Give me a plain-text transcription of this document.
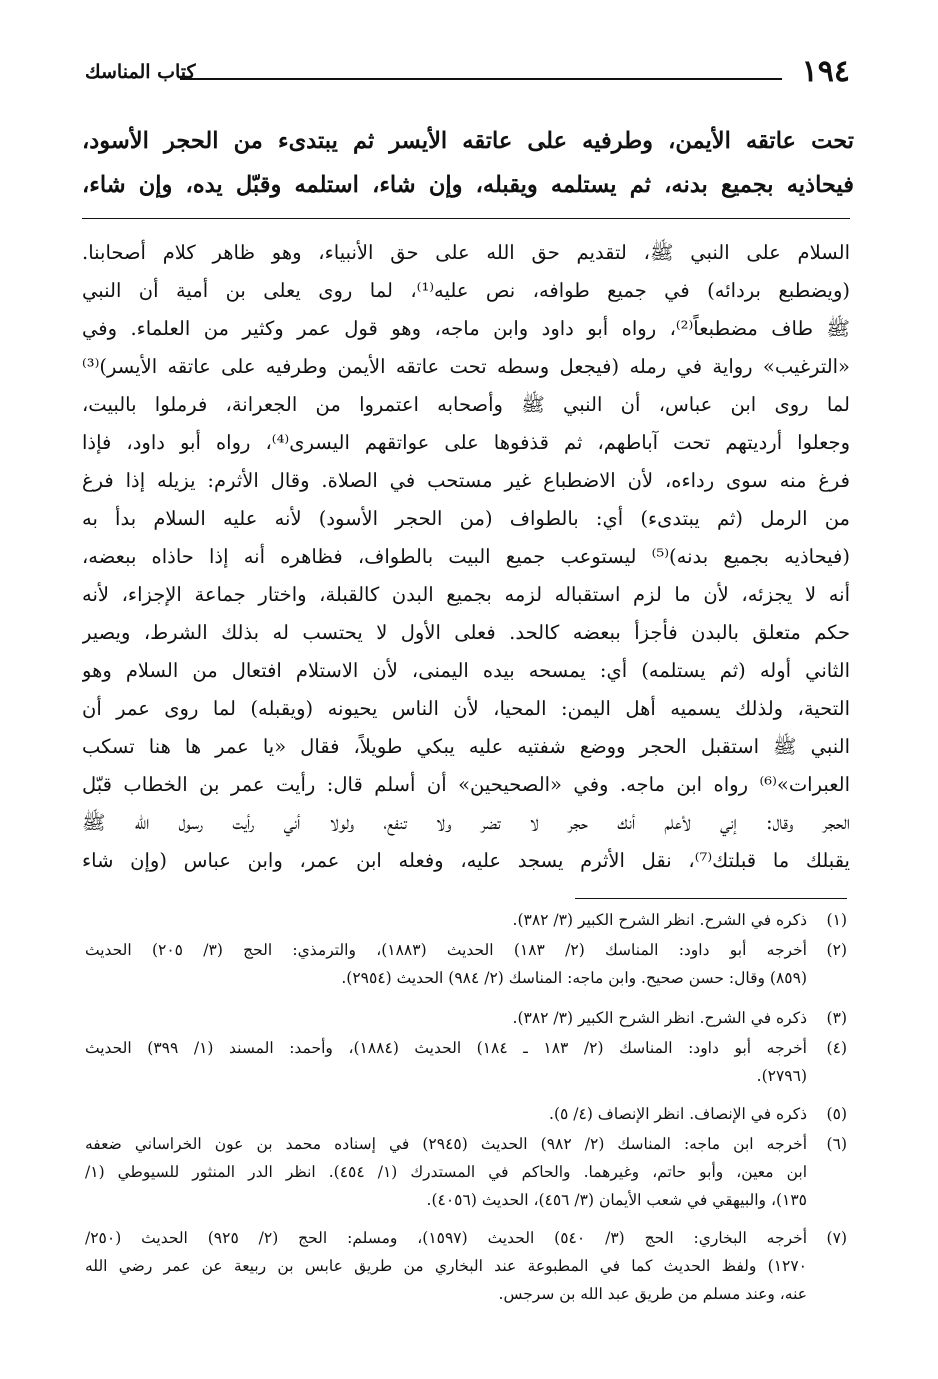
١٩٤
كتاب المناسك
تحت عاتقه الأيمن، وطرفيه على عاتقه الأيسر ثم يبتدىء من الحجر الأسود،
فيحاذيه بجميع بدنه، ثم يستلمه ويقبله، وإن شاء، استلمه وقبّل يده، وإن شاء،
السلام على النبي ﷺ، لتقديم حق الله على حق الأنبياء، وهو ظاهر كلام أصحابنا.
(ويضطبع بردائه) في جميع طوافه، نص عليه⁽¹⁾، لما روى يعلى بن أمية أن النبي
ﷺ طاف مضطبعاً⁽²⁾، رواه أبو داود وابن ماجه، وهو قول عمر وكثير من العلماء. وفي
«الترغيب» رواية في رمله (فيجعل وسطه تحت عاتقه الأيمن وطرفيه على عاتقه الأيسر)⁽³⁾
لما روى ابن عباس، أن النبي ﷺ وأصحابه اعتمروا من الجعرانة، فرملوا بالبيت،
وجعلوا أرديتهم تحت آباطهم، ثم قذفوها على عواتقهم اليسرى⁽⁴⁾، رواه أبو داود، فإذا
فرغ منه سوى رداءه، لأن الاضطباع غير مستحب في الصلاة. وقال الأثرم: يزيله إذا فرغ
من الرمل (ثم يبتدىء) أي: بالطواف (من الحجر الأسود) لأنه عليه السلام بدأ به
(فيحاذيه بجميع بدنه)⁽⁵⁾ ليستوعب جميع البيت بالطواف، فظاهره أنه إذا حاذاه ببعضه،
أنه لا يجزئه، لأن ما لزم استقباله لزمه بجميع البدن كالقبلة، واختار جماعة الإجزاء، لأنه
حكم متعلق بالبدن فأجزأ ببعضه كالحد. فعلى الأول لا يحتسب له بذلك الشرط، ويصير
الثاني أوله (ثم يستلمه) أي: يمسحه بيده اليمنى، لأن الاستلام افتعال من السلام وهو
التحية، ولذلك يسميه أهل اليمن: المحيا، لأن الناس يحيونه (ويقبله) لما روى عمر أن
النبي ﷺ استقبل الحجر ووضع شفتيه عليه يبكي طويلاً، فقال «يا عمر ها هنا تسكب
العبرات»⁽⁶⁾ رواه ابن ماجه. وفي «الصحيحين» أن أسلم قال: رأيت عمر بن الخطاب قبّل
الحجر وقال: إني لأعلم أنك حجر لا تضر ولا تنفع، ولولا أني رأيت رسول الله ﷺ
يقبلك ما قبلتك⁽⁷⁾، نقل الأثرم يسجد عليه، وفعله ابن عمر، وابن عباس (وإن شاء
(١)ذكره في الشرح. انظر الشرح الكبير (٣/ ٣٨٢).
(٢)أخرجه أبو داود: المناسك (٢/ ١٨٣) الحديث (١٨٨٣)، والترمذي: الحج (٣/ ٢٠٥) الحديث
(٨٥٩) وقال: حسن صحيح. وابن ماجه: المناسك (٢/ ٩٨٤) الحديث (٢٩٥٤).
(٣)ذكره في الشرح. انظر الشرح الكبير (٣/ ٣٨٢).
(٤)أخرجه أبو داود: المناسك (٢/ ١٨٣ ـ ١٨٤) الحديث (١٨٨٤)، وأحمد: المسند (١/ ٣٩٩) الحديث
(٢٧٩٦).
(٥)ذكره في الإنصاف. انظر الإنصاف (٤/ ٥).
(٦)أخرجه ابن ماجه: المناسك (٢/ ٩٨٢) الحديث (٢٩٤٥) في إسناده محمد بن عون الخراساني ضعفه
ابن معين، وأبو حاتم، وغيرهما. والحاكم في المستدرك (١/ ٤٥٤). انظر الدر المنثور للسيوطي (١/
١٣٥)، والبيهقي في شعب الأيمان (٣/ ٤٥٦)، الحديث (٤٠٥٦).
(٧)أخرجه البخاري: الحج (٣/ ٥٤٠) الحديث (١٥٩٧)، ومسلم: الحج (٢/ ٩٢٥) الحديث (٢٥٠/
١٢٧٠) ولفظ الحديث كما في المطبوعة عند البخاري من طريق عابس بن ربيعة عن عمر رضي الله
عنه، وعند مسلم من طريق عبد الله بن سرجس.
